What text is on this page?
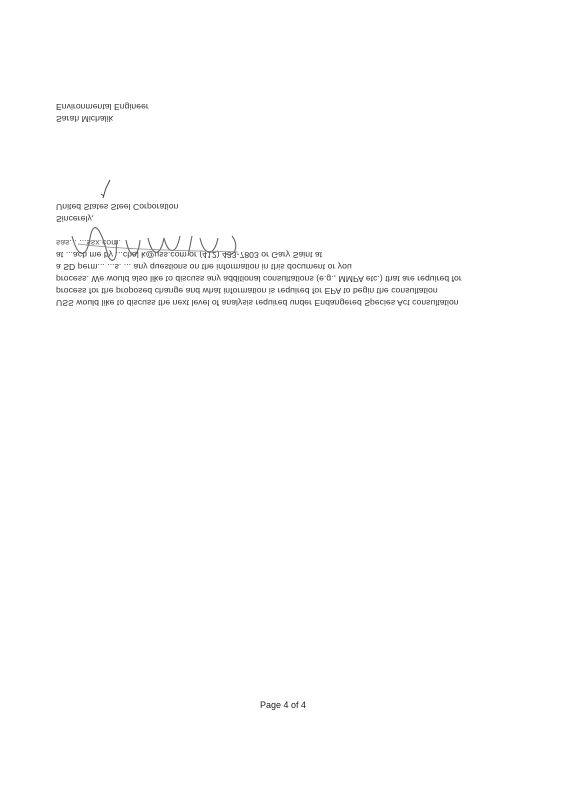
Environmental Engineer
Sarah Michalik
United States Steel Corporation
Sincerely,
sas... ...ssx.com.
at ...ach me by ...chal k@uss.com or (412) 433-7803 or Gary Saint at
a SD perm... ...s. ... any questions on the information in this document or you
process. We would also like to discuss any additional consultations (e.g., MMPA etc.) that are required for
process for the proposed change and what information is required for EPA to begin the consultation
USS would like to discuss the next level of analysis required under Endangered Species Act consultation
Page 4 of 4
